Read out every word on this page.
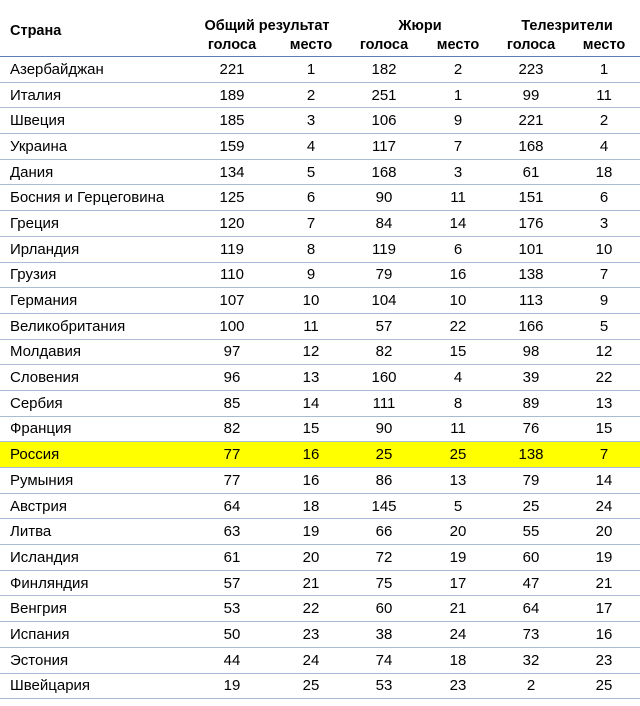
Страна	Общий результат		Жюри		Телезрители	
	голоса	место	голоса	место	голоса	место
Азербайджан	221	1	182	2	223	1
Италия	189	2	251	1	99	11
Швеция	185	3	106	9	221	2
Украина	159	4	117	7	168	4
Дания	134	5	168	3	61	18
Босния и Герцеговина	125	6	90	11	151	6
Греция	120	7	84	14	176	3
Ирландия	119	8	119	6	101	10
Грузия	110	9	79	16	138	7
Германия	107	10	104	10	113	9
Великобритания	100	11	57	22	166	5
Молдавия	97	12	82	15	98	12
Словения	96	13	160	4	39	22
Сербия	85	14	111	8	89	13
Франция	82	15	90	11	76	15
Россия	77	16	25	25	138	7
Румыния	77	16	86	13	79	14
Австрия	64	18	145	5	25	24
Литва	63	19	66	20	55	20
Исландия	61	20	72	19	60	19
Финляндия	57	21	75	17	47	21
Венгрия	53	22	60	21	64	17
Испания	50	23	38	24	73	16
Эстония	44	24	74	18	32	23
Швейцария	19	25	53	23	2	25
